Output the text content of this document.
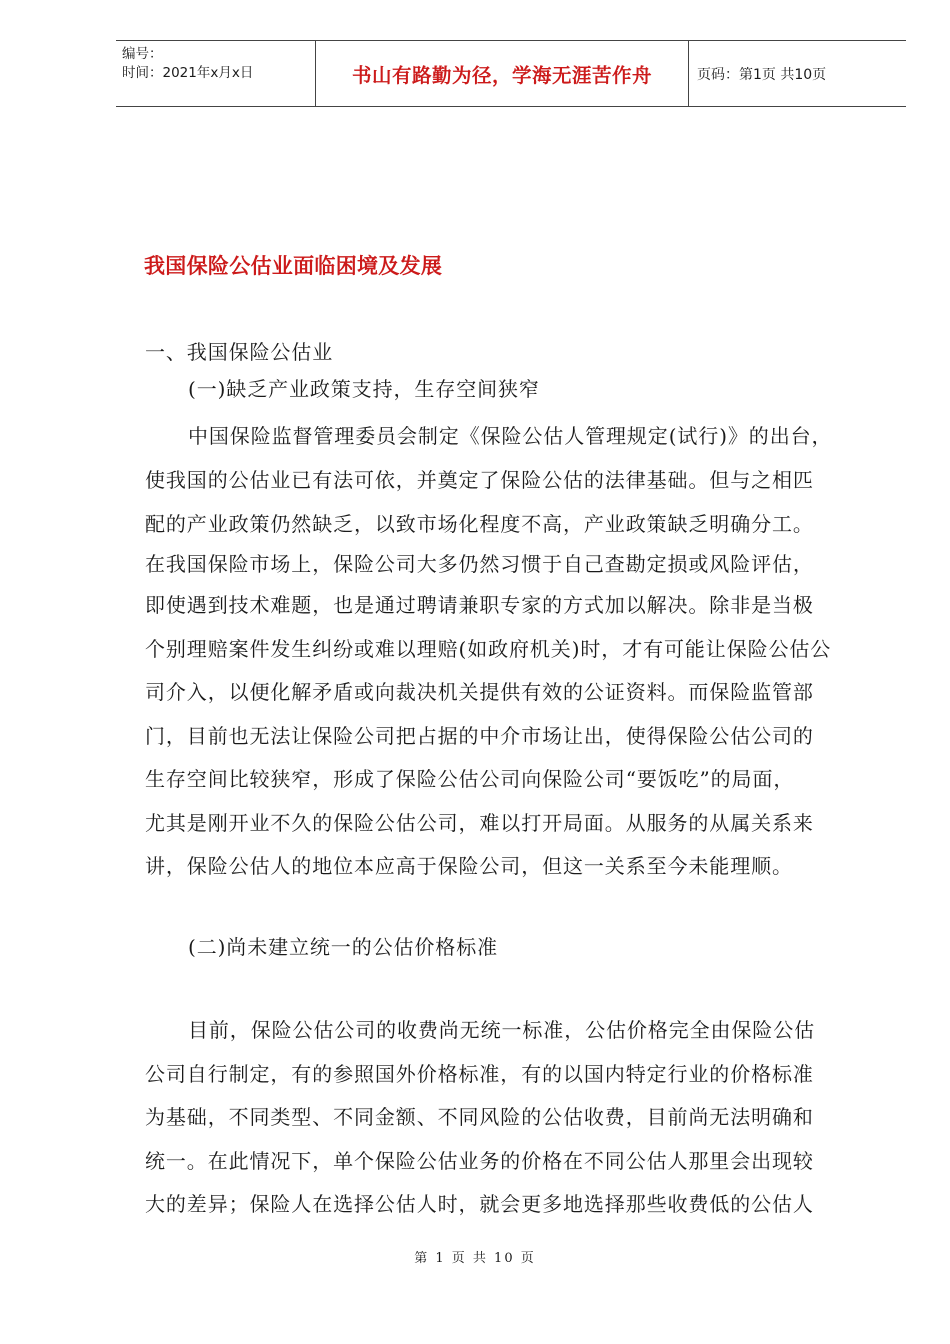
编号：
时间：2021年x月x日	书山有路勤为径，学海无涯苦作舟	页码：第1页 共10页
我国保险公估业面临困境及发展
一、我国保险公估业
(一)缺乏产业政策支持，生存空间狭窄
中国保险监督管理委员会制定《保险公估人管理规定(试行)》的出台，
使我国的公估业已有法可依，并奠定了保险公估的法律基础。但与之相匹
配的产业政策仍然缺乏，以致市场化程度不高，产业政策缺乏明确分工。
在我国保险市场上，保险公司大多仍然习惯于自己查勘定损或风险评估，
即使遇到技术难题，也是通过聘请兼职专家的方式加以解决。除非是当极
个别理赔案件发生纠纷或难以理赔(如政府机关)时，才有可能让保险公估公
司介入，以便化解矛盾或向裁决机关提供有效的公证资料。而保险监管部
门，目前也无法让保险公司把占据的中介市场让出，使得保险公估公司的
生存空间比较狭窄，形成了保险公估公司向保险公司“要饭吃”的局面，
尤其是刚开业不久的保险公估公司，难以打开局面。从服务的从属关系来
讲，保险公估人的地位本应高于保险公司，但这一关系至今未能理顺。
(二)尚未建立统一的公估价格标准
目前，保险公估公司的收费尚无统一标准，公估价格完全由保险公估
公司自行制定，有的参照国外价格标准，有的以国内特定行业的价格标准
为基础，不同类型、不同金额、不同风险的公估收费，目前尚无法明确和
统一。在此情况下，单个保险公估业务的价格在不同公估人那里会出现较
大的差异；保险人在选择公估人时，就会更多地选择那些收费低的公估人
第 1 页 共 10 页
